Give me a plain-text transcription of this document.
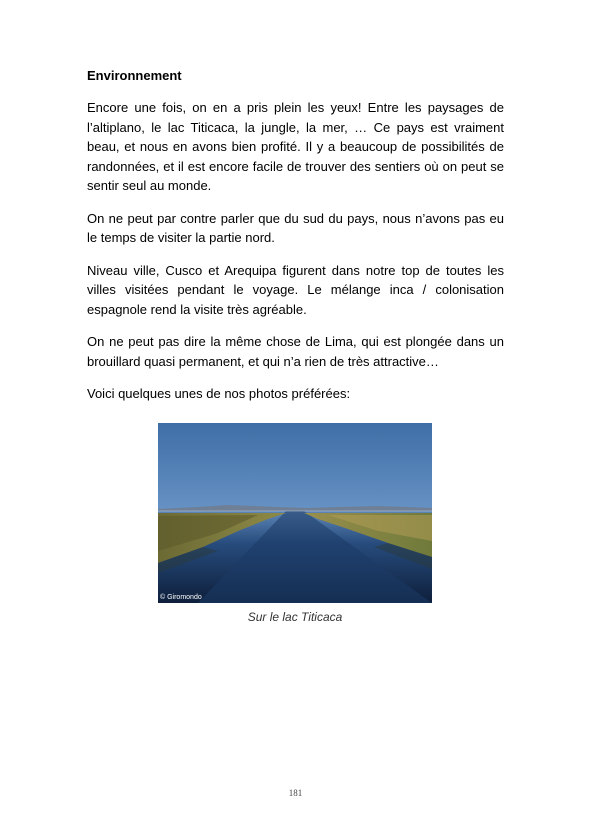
Environnement

Encore une fois, on en a pris plein les yeux! Entre les paysages de l’altiplano, le lac Titicaca, la jungle, la mer, … Ce pays est vraiment beau, et nous en avons bien profité. Il y a beaucoup de possibilités de randonnées, et il est encore facile de trouver des sentiers où on peut se sentir seul au monde.

On ne peut par contre parler que du sud du pays, nous n’avons pas eu le temps de visiter la partie nord.

Niveau ville, Cusco et Arequipa figurent dans notre top de toutes les villes visitées pendant le voyage. Le mélange inca / colonisation espagnole rend la visite très agréable.

On ne peut pas dire la même chose de Lima, qui est plongée dans un brouillard quasi permanent, et qui n’a rien de très attractive…

Voici quelques unes de nos photos préférées:

© Giromondo
Sur le lac Titicaca
181
